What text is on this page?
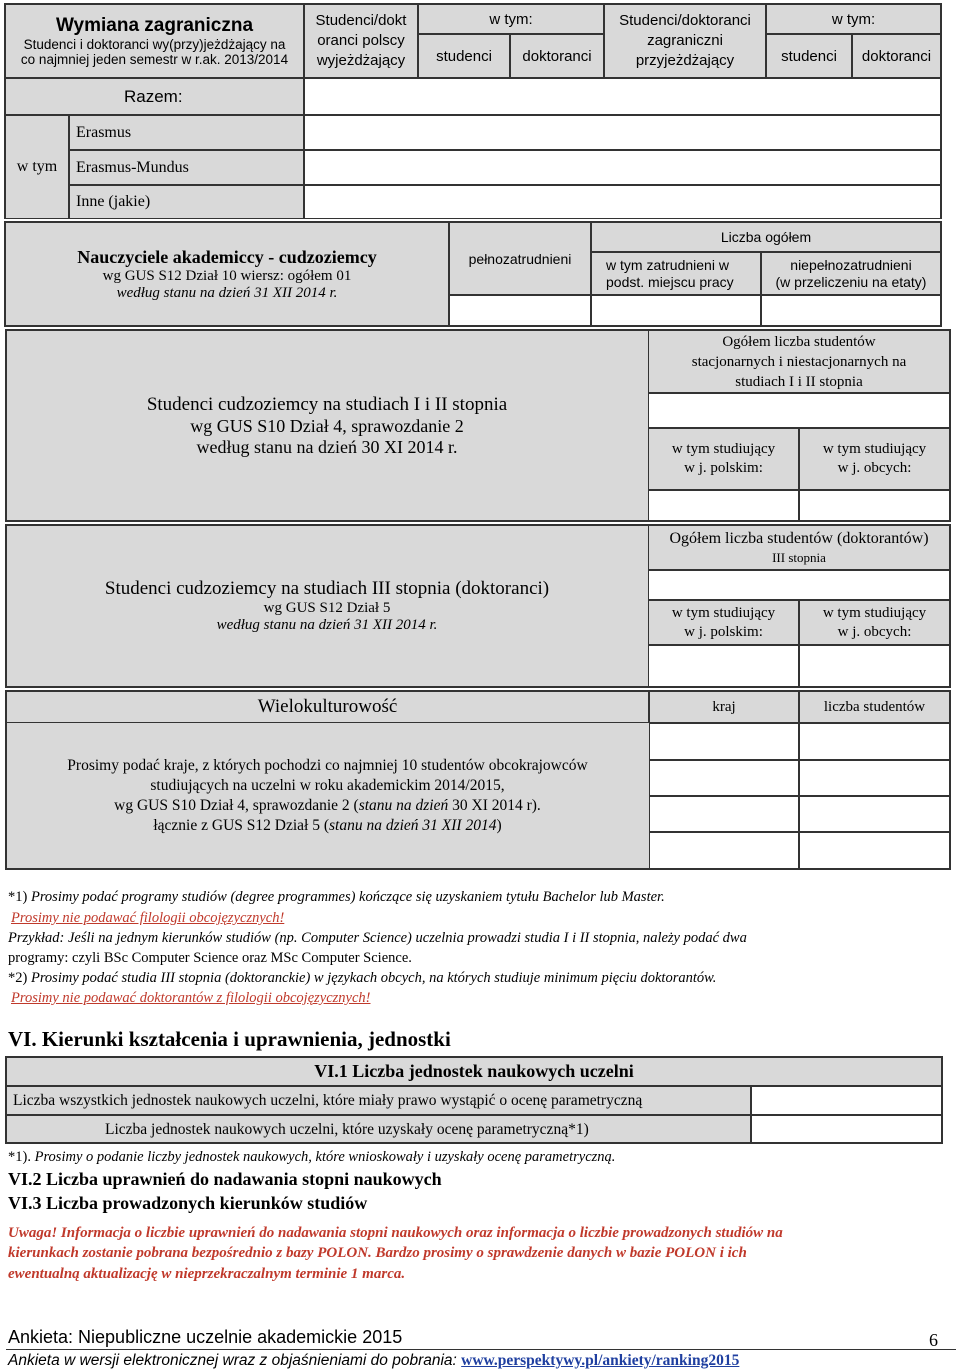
Wymiana zagraniczna
Studenci i doktoranci wy(przy)jeżdżający na
co najmniej jeden semestr w r.ak. 2013/2014
Studenci/dokt
oranci polscy
wyjeżdżający
w tym:
studenci doktoranci
Studenci/doktoranci
zagraniczni
przyjeżdżający
w tym:
studenci doktoranci
Razem:
w tym
Erasmus
Erasmus-Mundus
Inne (jakie)
Nauczyciele akademiccy - cudzoziemcy
wg GUS S12 Dział 10 wiersz: ogółem 01
według stanu na dzień 31 XII 2014 r.
Liczba ogółem
pełnozatrudnieni w tym zatrudnieni w
podst. miejscu pracy
niepełnozatrudnieni
(w przeliczeniu na etaty)
Studenci cudzoziemcy na studiach I i II stopnia
wg GUS S10 Dział 4, sprawozdanie 2
według stanu na dzień 30 XI 2014 r.
Ogółem liczba studentów
stacjonarnych i niestacjonarnych na
studiach I i II stopnia
w tym studiujący
w j. polskim:
w tym studiujący
w j. obcych:
Studenci cudzoziemcy na studiach III stopnia (doktoranci)
wg GUS S12 Dział 5
według stanu na dzień 31 XII 2014 r.
Ogółem liczba studentów (doktorantów)
III stopnia
w tym studiujący
w j. polskim:
w tym studiujący
w j. obcych:
Wielokulturowość	kraj	liczba studentów
Prosimy podać kraje, z których pochodzi co najmniej 10 studentów obcokrajowców
studiujących na uczelni w roku akademickim 2014/2015,
wg GUS S10 Dział 4, sprawozdanie 2 (stanu na dzień 30 XI 2014 r).
łącznie z GUS S12 Dział 5 (stanu na dzień 31 XII 2014)
*1) Prosimy podać programy studiów (degree programmes) kończące się uzyskaniem tytułu Bachelor lub Master.
Prosimy nie podawać filologii obcojęzycznych!
Przykład: Jeśli na jednym kierunków studiów (np. Computer Science) uczelnia prowadzi studia I i II stopnia, należy podać dwa
programy: czyli BSc Computer Science oraz MSc Computer Science.
*2) Prosimy podać studia III stopnia (doktoranckie) w językach obcych, na których studiuje minimum pięciu doktorantów.
Prosimy nie podawać doktorantów z filologii obcojęzycznych!
VI. Kierunki kształcenia i uprawnienia, jednostki
VI.1 Liczba jednostek naukowych uczelni
Liczba wszystkich jednostek naukowych uczelni, które miały prawo wystąpić o ocenę parametryczną
Liczba jednostek naukowych uczelni, które uzyskały ocenę parametryczną*1)
*1). Prosimy o podanie liczby jednostek naukowych, które wnioskowały i uzyskały ocenę parametryczną.
VI.2 Liczba uprawnień do nadawania stopni naukowych
VI.3 Liczba prowadzonych kierunków studiów
Uwaga! Informacja o liczbie uprawnień do nadawania stopni naukowych oraz informacja o liczbie prowadzonych studiów na
kierunkach zostanie pobrana bezpośrednio z bazy POLON. Bardzo prosimy o sprawdzenie danych w bazie POLON i ich
ewentualną aktualizację w nieprzekraczalnym terminie 1 marca.
Ankieta: Niepubliczne uczelnie akademickie 2015
Ankieta w wersji elektronicznej wraz z objaśnieniami do pobrania: www.perspektywy.pl/ankiety/ranking2015
6
